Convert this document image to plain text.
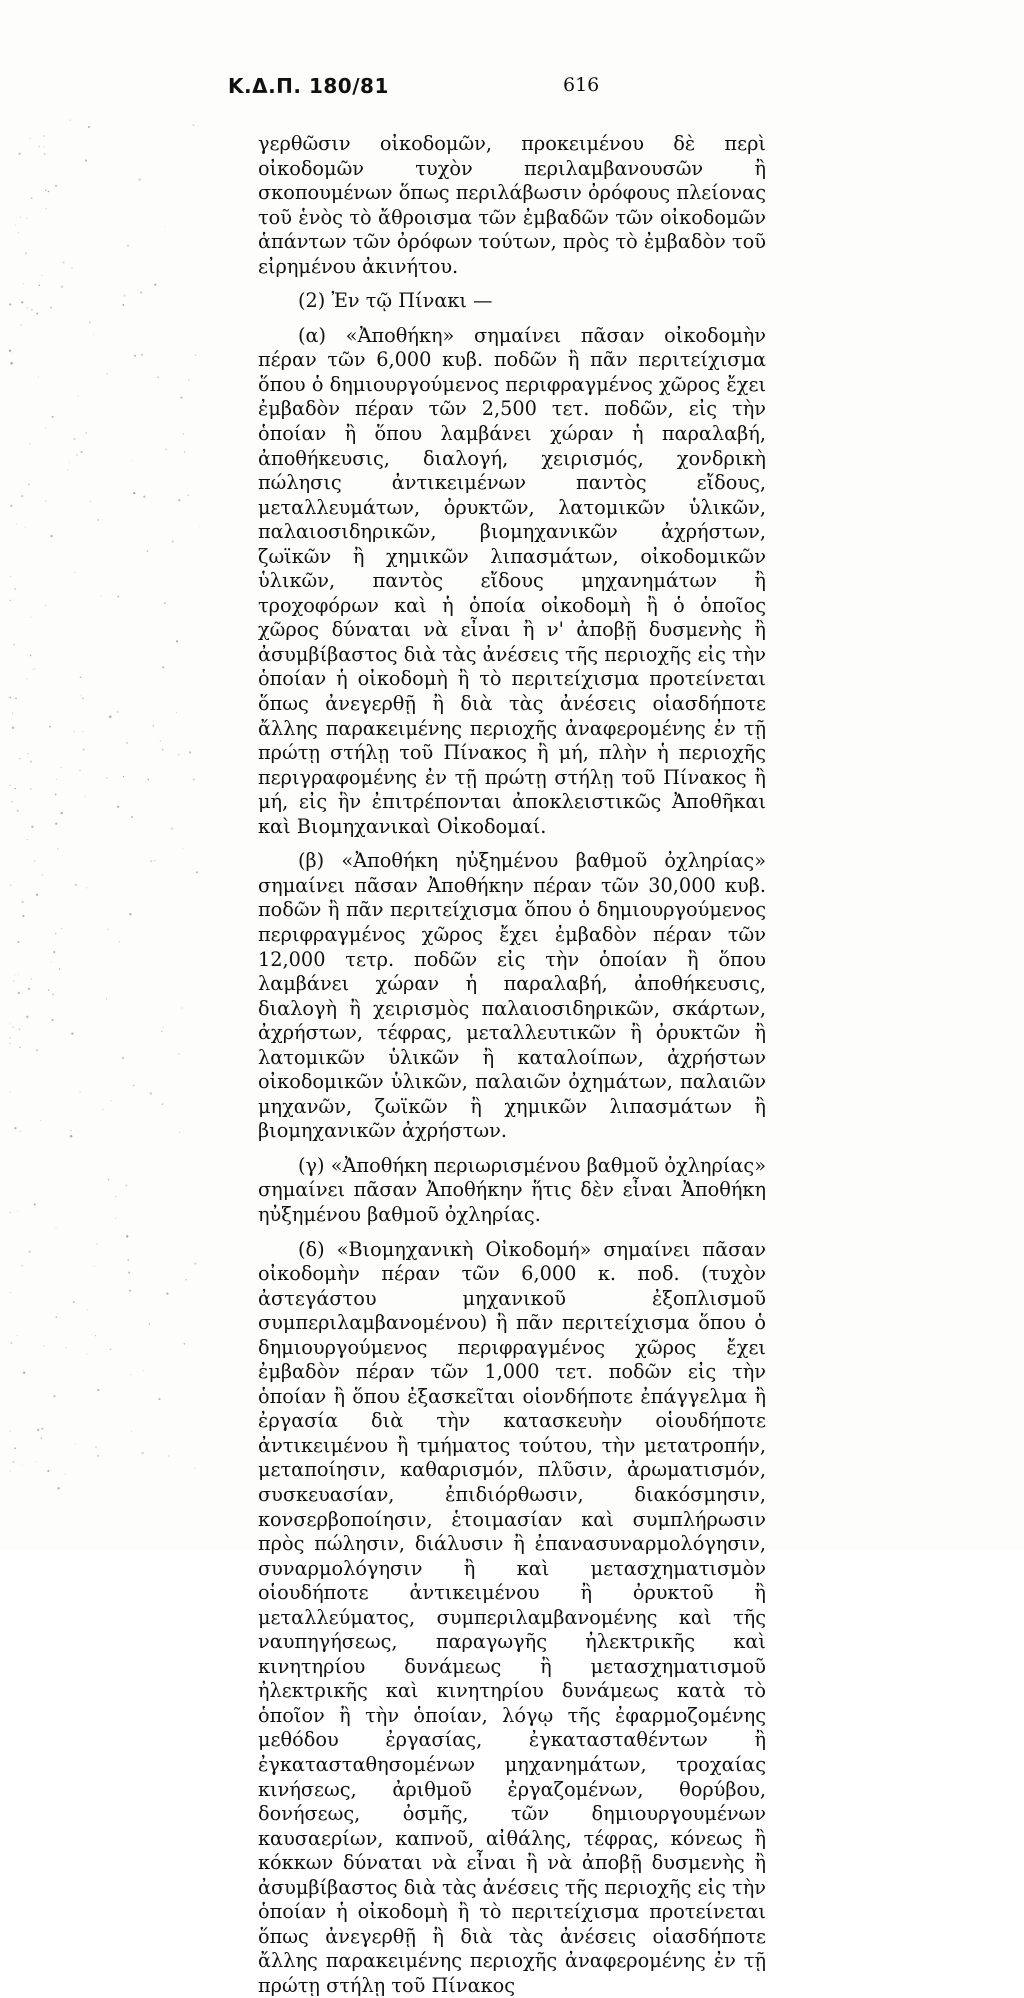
Κ.Δ.Π. 180/81	616

γερθῶσιν οἰκοδομῶν, προκειμένου δὲ περὶ οἰκοδομῶν τυχὸν περιλαμβανουσῶν ἢ σκοπουμένων ὅπως περιλάβωσιν ὀρόφους πλείονας τοῦ ἑνὸς τὸ ἄθροισμα τῶν ἐμβαδῶν τῶν οἰκοδομῶν ἁπάντων τῶν ὀρόφων τούτων, πρὸς τὸ ἐμβαδὸν τοῦ εἰρημένου ἀκινήτου.

(2) Ἐν τῷ Πίνακι —

(α) «Ἀποθήκη» σημαίνει πᾶσαν οἰκοδομὴν πέραν τῶν 6,000 κυβ. ποδῶν ἢ πᾶν περιτείχισμα ὅπου ὁ δημιουργούμενος περιφραγμένος χῶρος ἔχει ἐμβαδὸν πέραν τῶν 2,500 τετ. ποδῶν, εἰς τὴν ὁποίαν ἢ ὅπου λαμβάνει χώραν ἡ παραλαβή, ἀποθήκευσις, διαλογή, χειρισμός, χονδρικὴ πώλησις ἀντικειμένων παντὸς εἴδους, μεταλλευμάτων, ὀρυκτῶν, λατομικῶν ὑλικῶν, παλαιοσιδηρικῶν, βιομηχανικῶν ἀχρήστων, ζωϊκῶν ἢ χημικῶν λιπασμάτων, οἰκοδομικῶν ὑλικῶν, παντὸς εἴδους μηχανημάτων ἢ τροχοφόρων καὶ ἡ ὁποία οἰκοδομὴ ἢ ὁ ὁποῖος χῶρος δύναται νὰ εἶναι ἢ ν' ἀποβῇ δυσμενὴς ἢ ἀσυμβίβαστος διὰ τὰς ἀνέσεις τῆς περιοχῆς εἰς τὴν ὁποίαν ἡ οἰκοδομὴ ἢ τὸ περιτείχισμα προτείνεται ὅπως ἀνεγερθῇ ἢ διὰ τὰς ἀνέσεις οἱασδήποτε ἄλλης παρακειμένης περιοχῆς ἀναφερομένης ἐν τῇ πρώτῃ στήλῃ τοῦ Πίνακος ἢ μή, πλὴν ἡ περιοχῆς περιγραφομένης ἐν τῇ πρώτῃ στήλῃ τοῦ Πίνακος ἢ μή, εἰς ἣν ἐπιτρέπονται ἀποκλειστικῶς Ἀποθῆκαι καὶ Βιομηχανικαὶ Οἰκοδομαί.

(β) «Ἀποθήκη ηὐξημένου βαθμοῦ ὀχληρίας» σημαίνει πᾶσαν Ἀποθήκην πέραν τῶν 30,000 κυβ. ποδῶν ἢ πᾶν περιτείχισμα ὅπου ὁ δημιουργούμενος περιφραγμένος χῶρος ἔχει ἐμβαδὸν πέραν τῶν 12,000 τετρ. ποδῶν εἰς τὴν ὁποίαν ἢ ὅπου λαμβάνει χώραν ἡ παραλαβή, ἀποθήκευσις, διαλογὴ ἢ χειρισμὸς παλαιοσιδηρικῶν, σκάρτων, ἀχρήστων, τέφρας, μεταλλευτικῶν ἢ ὀρυκτῶν ἢ λατομικῶν ὑλικῶν ἢ καταλοίπων, ἀχρήστων οἰκοδομικῶν ὑλικῶν, παλαιῶν ὀχημάτων, παλαιῶν μηχανῶν, ζωϊκῶν ἢ χημικῶν λιπασμάτων ἢ βιομηχανικῶν ἀχρήστων.

(γ) «Ἀποθήκη περιωρισμένου βαθμοῦ ὀχληρίας» σημαίνει πᾶσαν Ἀποθήκην ἥτις δὲν εἶναι Ἀποθήκη ηὐξημένου βαθμοῦ ὀχληρίας.

(δ) «Βιομηχανικὴ Οἰκοδομή» σημαίνει πᾶσαν οἰκοδομὴν πέραν τῶν 6,000 κ. ποδ. (τυχὸν ἀστεγάστου μηχανικοῦ ἐξοπλισμοῦ συμπεριλαμβανομένου) ἢ πᾶν περιτείχισμα ὅπου ὁ δημιουργούμενος περιφραγμένος χῶρος ἔχει ἐμβαδὸν πέραν τῶν 1,000 τετ. ποδῶν εἰς τὴν ὁποίαν ἢ ὅπου ἐξασκεῖται οἱονδήποτε ἐπάγγελμα ἢ ἐργασία διὰ τὴν κατασκευὴν οἱουδήποτε ἀντικειμένου ἢ τμήματος τούτου, τὴν μετατροπήν, μεταποίησιν, καθαρισμόν, πλῦσιν, ἀρωματισμόν, συσκευασίαν, ἐπιδιόρθωσιν, διακόσμησιν, κονσερβοποίησιν, ἑτοιμασίαν καὶ συμπλήρωσιν πρὸς πώλησιν, διάλυσιν ἢ ἐπανασυναρμολόγησιν, συναρμολόγησιν ἢ καὶ μετασχηματισμὸν οἱουδήποτε ἀντικειμένου ἢ ὀρυκτοῦ ἢ μεταλλεύματος, συμπεριλαμβανομένης καὶ τῆς ναυπηγήσεως, παραγωγῆς ἠλεκτρικῆς καὶ κινητηρίου δυνάμεως ἢ μετασχηματισμοῦ ἠλεκτρικῆς καὶ κινητηρίου δυνάμεως κατὰ τὸ ὁποῖον ἢ τὴν ὁποίαν, λόγῳ τῆς ἐφαρμοζομένης μεθόδου ἐργασίας, ἐγκατασταθέντων ἢ ἐγκατασταθησομένων μηχανημάτων, τροχαίας κινήσεως, ἀριθμοῦ ἐργαζομένων, θορύβου, δονήσεως, ὀσμῆς, τῶν δημιουργουμένων καυσαερίων, καπνοῦ, αἰθάλης, τέφρας, κόνεως ἢ κόκκων δύναται νὰ εἶναι ἢ νὰ ἀποβῇ δυσμενὴς ἢ ἀσυμβίβαστος διὰ τὰς ἀνέσεις τῆς περιοχῆς εἰς τὴν ὁποίαν ἡ οἰκοδομὴ ἢ τὸ περιτείχισμα προτείνεται ὅπως ἀνεγερθῇ ἢ διὰ τὰς ἀνέσεις οἱασδήποτε ἄλλης παρακειμένης περιοχῆς ἀναφερομένης ἐν τῇ πρώτῃ στήλῃ τοῦ Πίνακος
